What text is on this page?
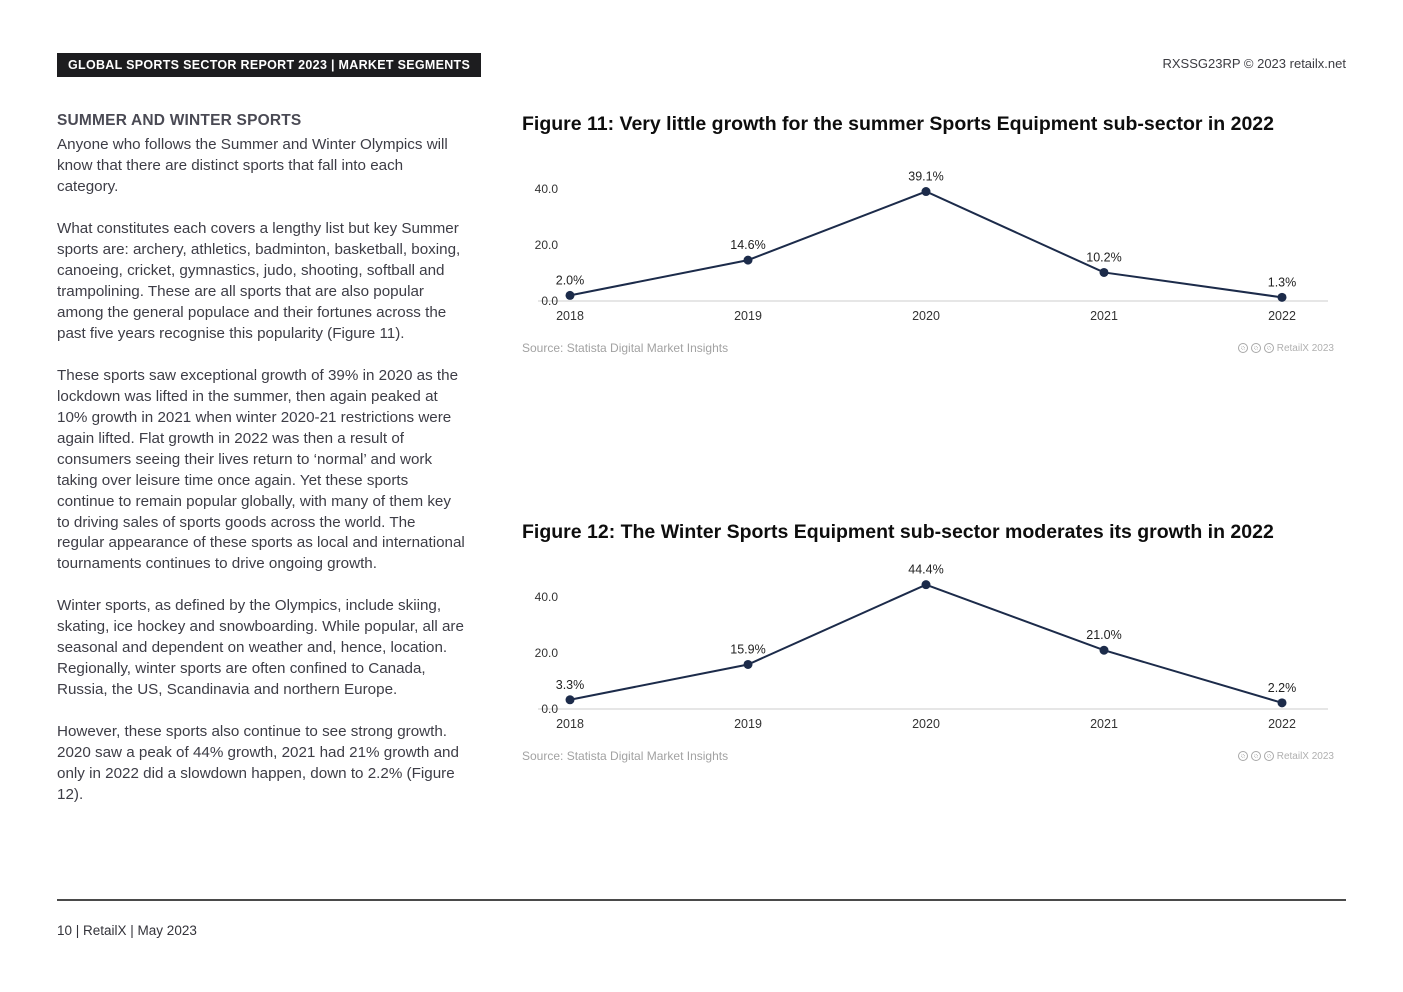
GLOBAL SPORTS SECTOR REPORT 2023 | MARKET SEGMENTS	RXSSG23RP © 2023 retailx.net
SUMMER AND WINTER SPORTS

Anyone who follows the Summer and Winter Olympics will know that there are distinct sports that fall into each category.

What constitutes each covers a lengthy list but key Summer sports are: archery, athletics, badminton, basketball, boxing, canoeing, cricket, gymnastics, judo, shooting, softball and trampolining. These are all sports that are also popular among the general populace and their fortunes across the past five years recognise this popularity (Figure 11).

These sports saw exceptional growth of 39% in 2020 as the lockdown was lifted in the summer, then again peaked at 10% growth in 2021 when winter 2020-21 restrictions were again lifted. Flat growth in 2022 was then a result of consumers seeing their lives return to ‘normal’ and work taking over leisure time once again. Yet these sports continue to remain popular globally, with many of them key to driving sales of sports goods across the world. The regular appearance of these sports as local and international tournaments continues to drive ongoing growth.

Winter sports, as defined by the Olympics, include skiing, skating, ice hockey and snowboarding. While popular, all are seasonal and dependent on weather and, hence, location. Regionally, winter sports are often confined to Canada, Russia, the US, Scandinavia and northern Europe.

However, these sports also continue to see strong growth. 2020 saw a peak of 44% growth, 2021 had 21% growth and only in 2022 did a slowdown happen, down to 2.2% (Figure 12).

Figure 11: Very little growth for the summer Sports Equipment sub-sector in 2022
0.0
20.0
40.0
2.0%
2018
14.6%
2019
39.1%
2020
10.2%
2021
1.3%
2022
Source: Statista Digital Market Insights	RetailX 2023
Figure 12: The Winter Sports Equipment sub-sector moderates its growth in 2022
0.0
20.0
40.0
3.3%
2018
15.9%
2019
44.4%
2020
21.0%
2021
2.2%
2022
Source: Statista Digital Market Insights	RetailX 2023
10 | RetailX | May 2023
